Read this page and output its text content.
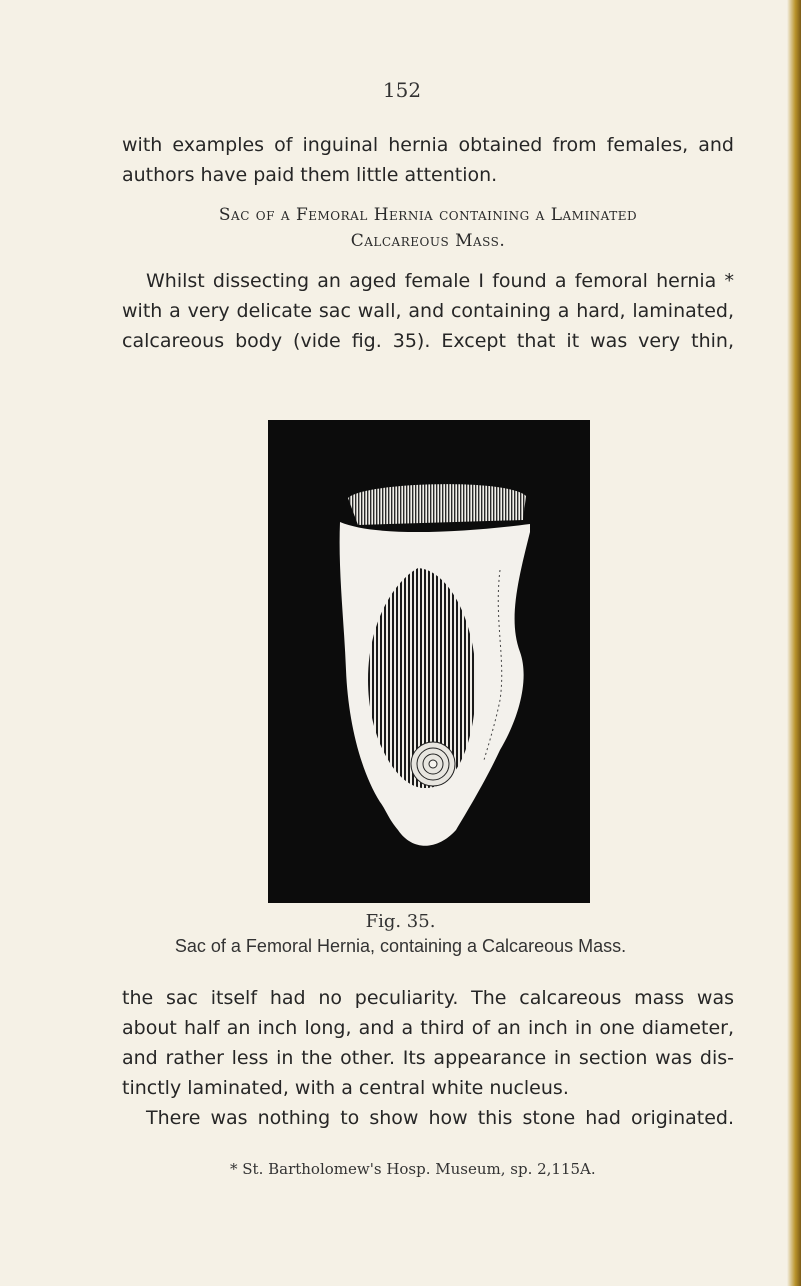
152

with examples of inguinal hernia obtained from females, and

authors have paid them little attention.

Sac of a Femoral Hernia containing a Laminated

Calcareous Mass.

Whilst dissecting an aged female I found a femoral hernia *

with a very delicate sac wall, and containing a hard, laminated,

calcareous body (vide fig. 35). Except that it was very thin,

Fig. 35.
Sac of a Femoral Hernia, containing a Calcareous Mass.

the sac itself had no peculiarity. The calcareous mass was

about half an inch long, and a third of an inch in one diameter,

and rather less in the other. Its appearance in section was dis-

tinctly laminated, with a central white nucleus.

There was nothing to show how this stone had originated.

* St. Bartholomew's Hosp. Museum, sp. 2,115A.
